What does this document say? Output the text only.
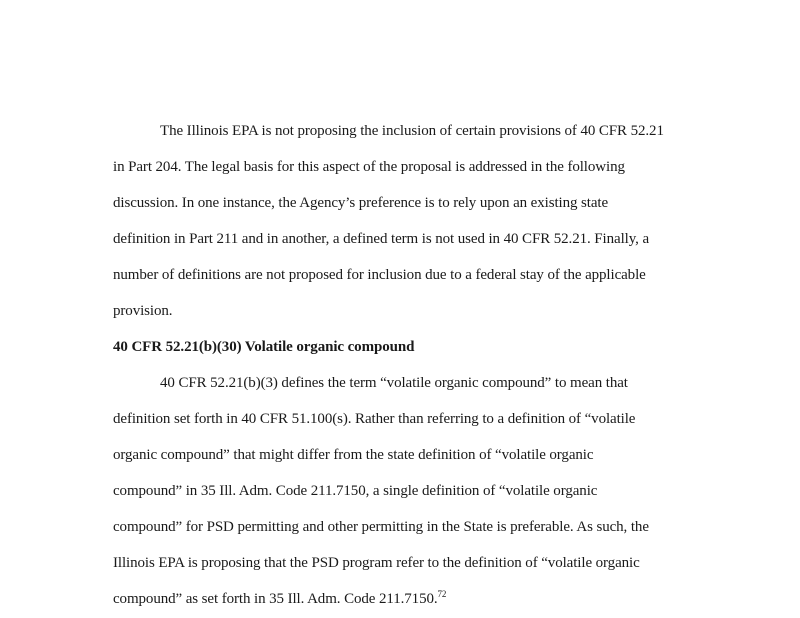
The Illinois EPA is not proposing the inclusion of certain provisions of 40 CFR 52.21
in Part 204. The legal basis for this aspect of the proposal is addressed in the following
discussion. In one instance, the Agency’s preference is to rely upon an existing state
definition in Part 211 and in another, a defined term is not used in 40 CFR 52.21. Finally, a
number of definitions are not proposed for inclusion due to a federal stay of the applicable
provision.
40 CFR 52.21(b)(30) Volatile organic compound
40 CFR 52.21(b)(3) defines the term “volatile organic compound” to mean that
definition set forth in 40 CFR 51.100(s). Rather than referring to a definition of “volatile
organic compound” that might differ from the state definition of “volatile organic
compound” in 35 Ill. Adm. Code 211.7150, a single definition of “volatile organic
compound” for PSD permitting and other permitting in the State is preferable. As such, the
Illinois EPA is proposing that the PSD program refer to the definition of “volatile organic
compound” as set forth in 35 Ill. Adm. Code 211.7150.72
